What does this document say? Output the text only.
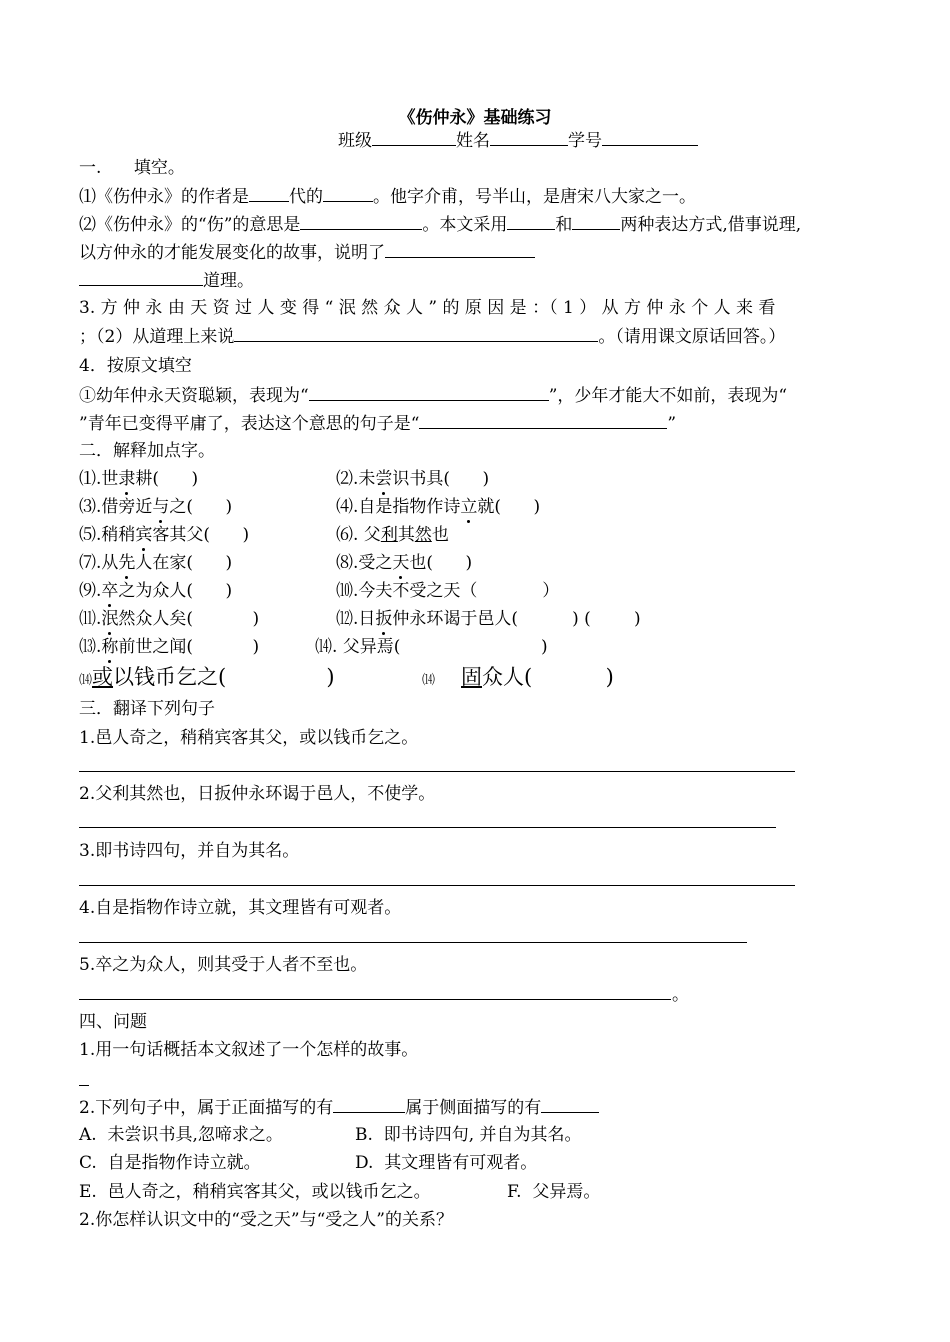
《伤仲永》基础练习
班级	姓名	学号
一.      填空。
⑴《伤仲永》的作者是 代的	。他字介甫，号半山，是唐宋八大家之一。
⑵《伤仲永》的“伤”的意思是	。本文采用	和	两种表达方式,借事说理,
以方仲永的才能发展变化的故事，说明了
道理。
3. 方 仲 永 由 天 资 过 人 变 得 “ 泯 然 众 人 ” 的 原 因 是 ：（ 1 ） 从 方 仲 永 个 人 来 看
；（2）从道理上来说	。（请用课文原话回答。）
4．按原文填空
①幼年仲永天资聪颖，表现为“	”，少年才能大不如前，表现为“
”青年已变得平庸了，表达这个意思的句子是“	”
二．解释加点字。
⑴.世隶耕(      )	⑵.未尝识书具(      )
⑶.借旁近与之(      )	⑷.自是指物作诗立就(      )
⑸.稍稍宾客其父(      )	⑹. 父利其然也
⑺.从先人在家(      )	⑻.受之天也(      )
⑼.卒之为众人(      )	⑽.今夫不受之天（            ）
⑾.泯然众人矣(           )	⑿.日扳仲永环谒于邑人(          ) (        )
⒀.称前世之闻(           )	⒁. 父异焉(                          )
⒁或以钱币乞之(               )	⒁ 固众人(           )
三．翻译下列句子
1.邑人奇之，稍稍宾客其父，或以钱币乞之。
2.父利其然也，日扳仲永环谒于邑人，不使学。
3.即书诗四句，并自为其名。
4.自是指物作诗立就，其文理皆有可观者。
5.卒之为众人，则其受于人者不至也。
。
四、问题
1.用一句话概括本文叙述了一个怎样的故事。
2.下列句子中，属于正面描写的有	属于侧面描写的有
A.  未尝识书具,忽啼求之。	B.  即书诗四句, 并自为其名。
C.  自是指物作诗立就。	D.  其文理皆有可观者。
E.  邑人奇之，稍稍宾客其父，或以钱币乞之。	F.  父异焉。
2.你怎样认识文中的“受之天”与“受之人”的关系？
